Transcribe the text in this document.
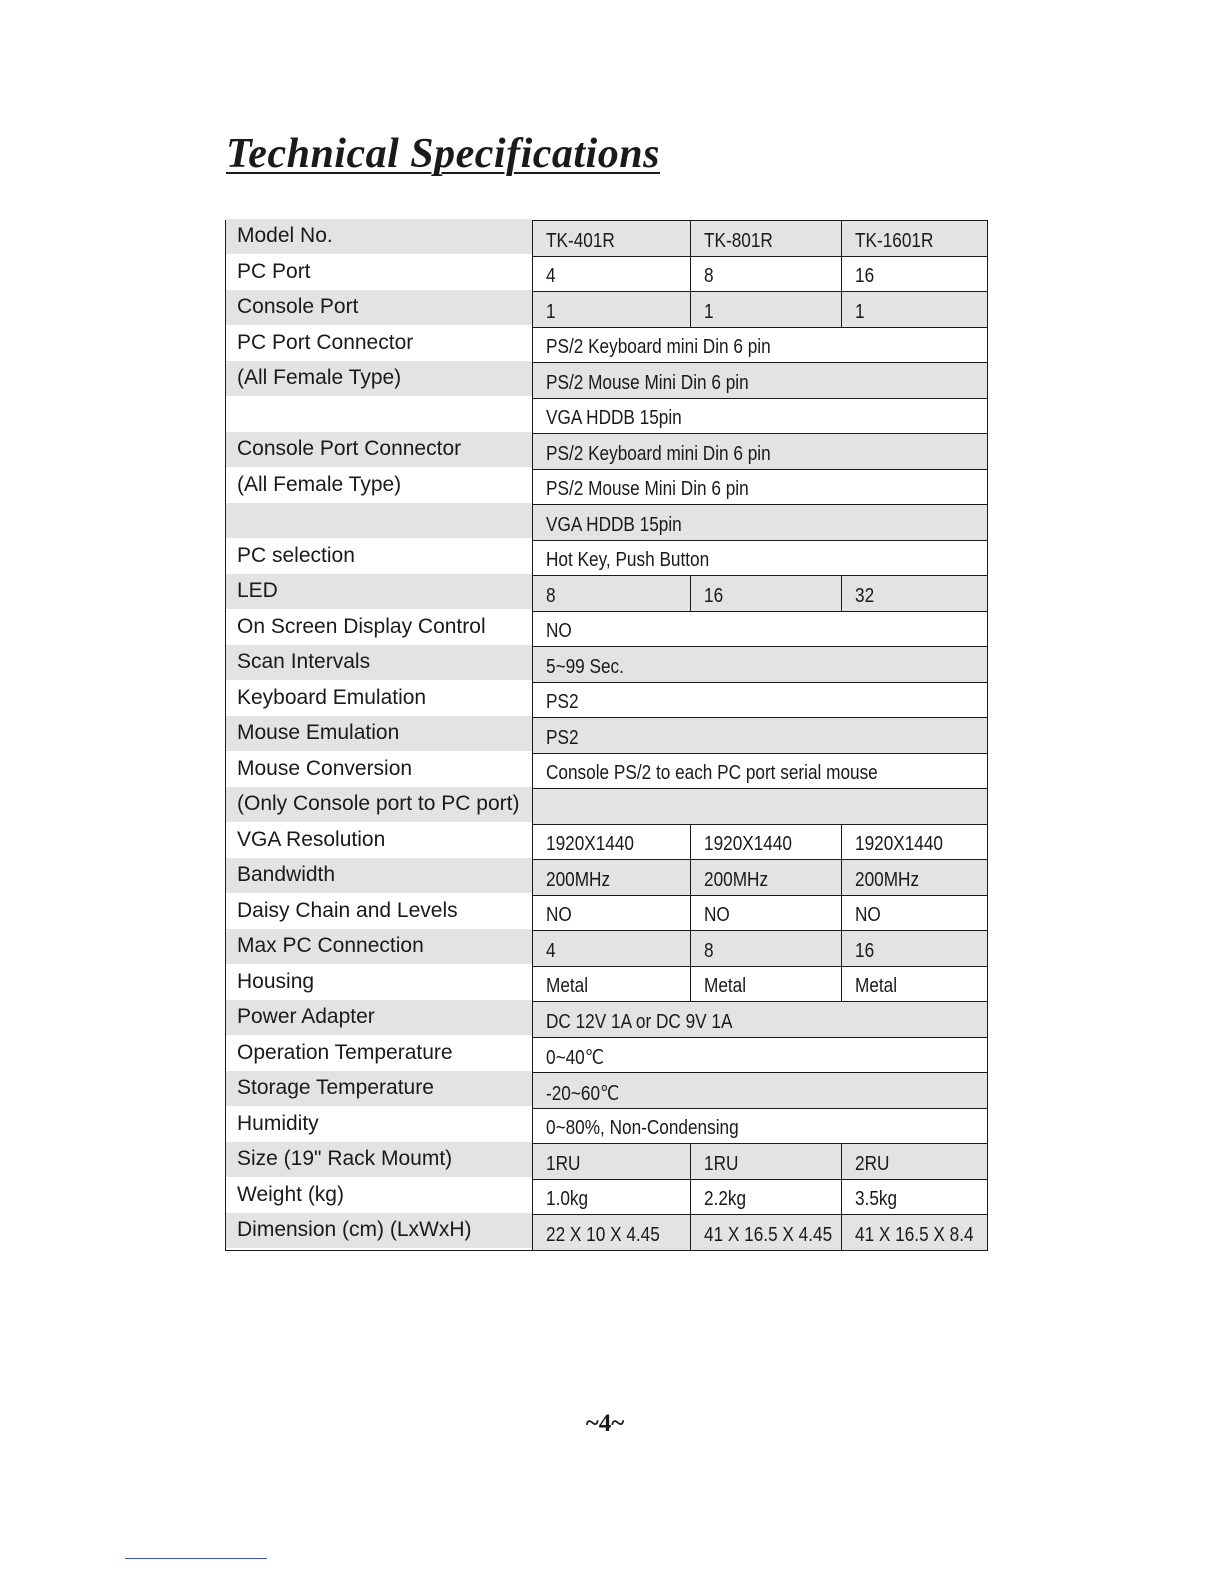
Technical Specifications
Model No.	TK-401R	TK-801R	TK-1601R
PC Port	4	8	16
Console Port	1	1	1
PC Port Connector	PS/2 Keyboard mini Din 6 pin		
(All Female Type)	PS/2 Mouse Mini Din 6 pin		
	VGA HDDB 15pin		
Console Port Connector	PS/2 Keyboard mini Din 6 pin		
(All Female Type)	PS/2 Mouse Mini Din 6 pin		
	VGA HDDB 15pin		
PC selection	Hot Key, Push Button		
LED	8	16	32
On Screen Display Control	NO		
Scan Intervals	5~99 Sec.		
Keyboard Emulation	PS2		
Mouse Emulation	PS2		
Mouse Conversion	Console PS/2 to each PC port serial mouse		
(Only Console port to PC port)			
VGA Resolution	1920X1440	1920X1440	1920X1440
Bandwidth	200MHz	200MHz	200MHz
Daisy Chain and Levels	NO	NO	NO
Max PC Connection	4	8	16
Housing	Metal	Metal	Metal
Power Adapter	DC 12V 1A or DC 9V 1A		
Operation Temperature	0~40℃		
Storage Temperature	-20~60℃		
Humidity	0~80%, Non-Condensing		
Size (19" Rack Moumt)	1RU	1RU	2RU
Weight (kg)	1.0kg	2.2kg	3.5kg
Dimension (cm) (LxWxH)	22 X 10 X 4.45	41 X 16.5 X 4.45	41 X 16.5 X 8.4
~4~
